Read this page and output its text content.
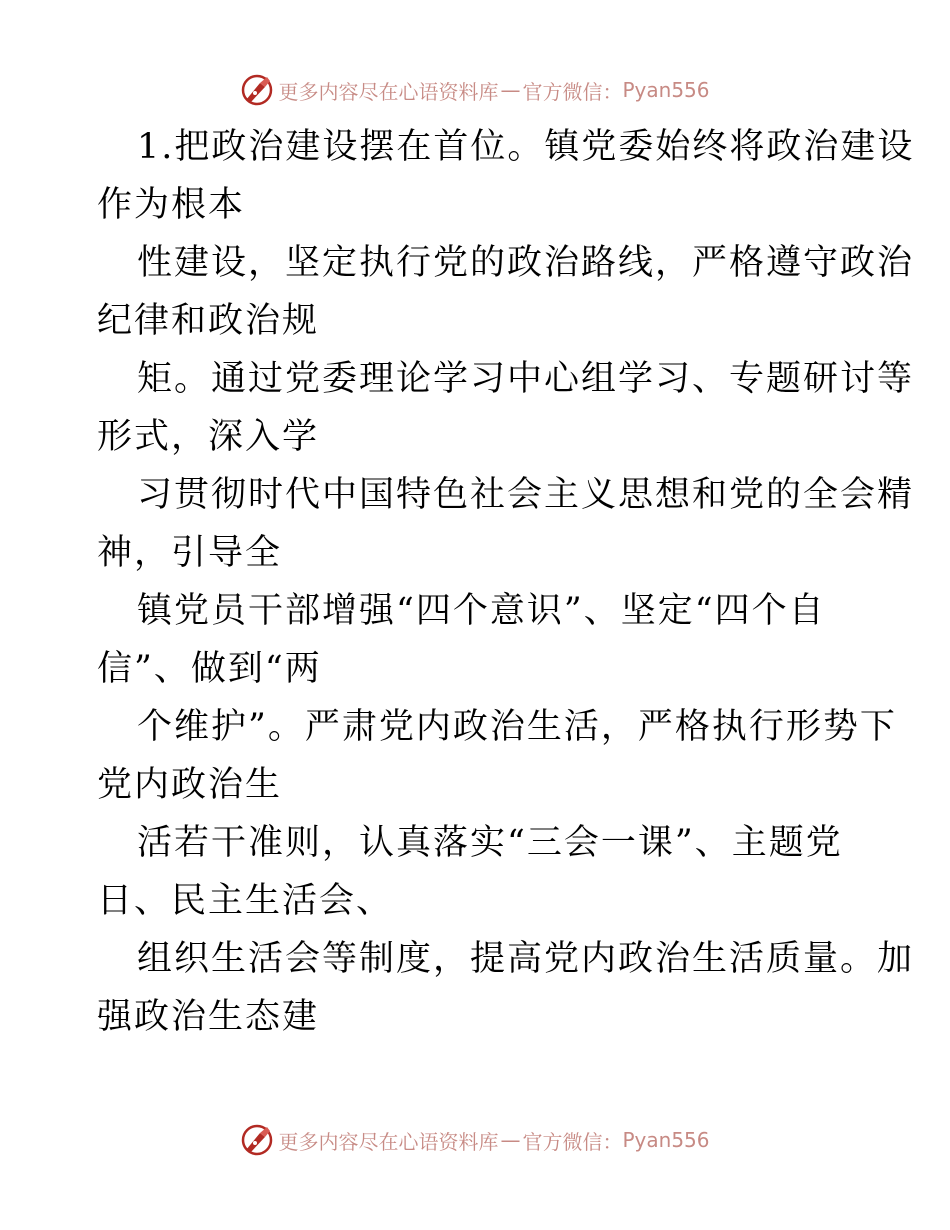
更多内容尽在心语资料库 — 官方微信： Pyan556
1.把政治建设摆在首位。镇党委始终将政治建设
作为根本
性建设，坚定执行党的政治路线，严格遵守政治
纪律和政治规
矩。通过党委理论学习中心组学习、专题研讨等
形式，深入学
习贯彻时代中国特色社会主义思想和党的全会精
神，引导全
镇党员干部增强“四个意识”、坚定“四个自
信”、做到“两
个维护”。严肃党内政治生活，严格执行形势下
党内政治生
活若干准则，认真落实“三会一课”、主题党
日、民主生活会、
组织生活会等制度，提高党内政治生活质量。加
强政治生态建
更多内容尽在心语资料库 — 官方微信： Pyan556
